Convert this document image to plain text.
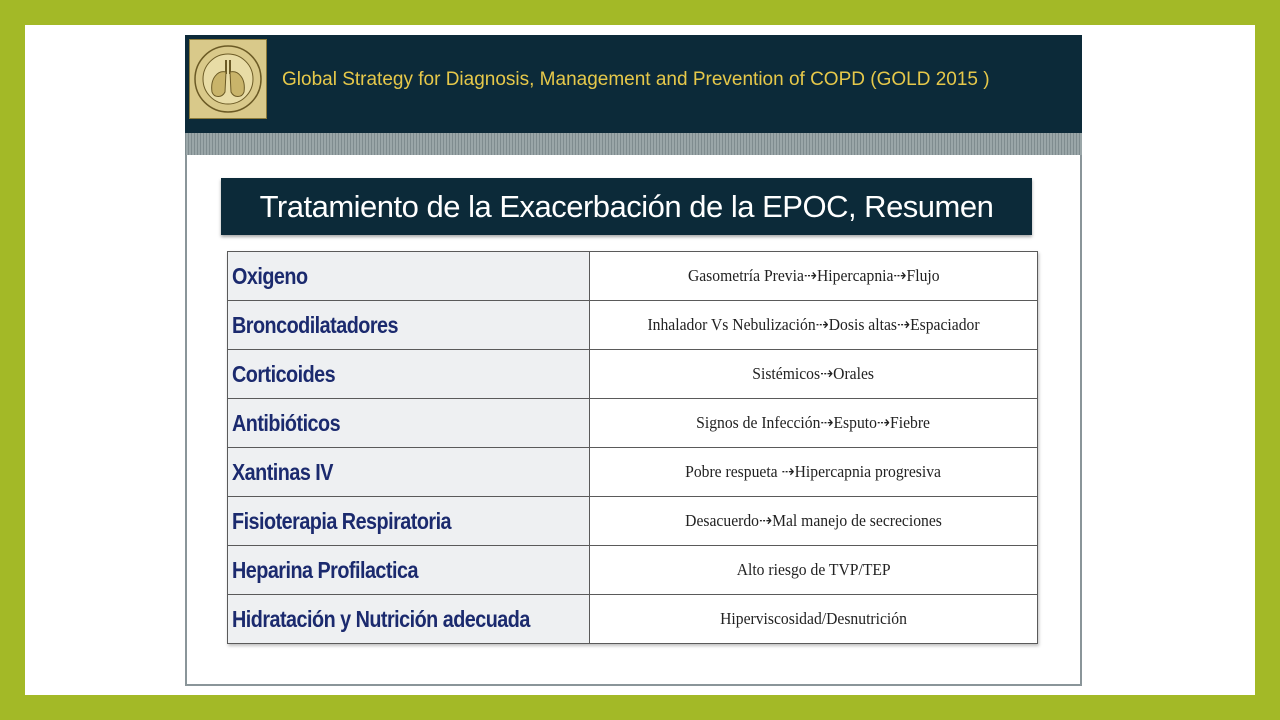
Global Strategy for Diagnosis, Management and Prevention of COPD (GOLD 2015 )
Tratamiento de la Exacerbación de la EPOC, Resumen
Oxigeno	Gasometría Previa⇢Hipercapnia⇢Flujo
Broncodilatadores	Inhalador Vs Nebulización⇢Dosis altas⇢Espaciador
Corticoides	Sistémicos⇢Orales
Antibióticos	Signos de Infección⇢Esputo⇢Fiebre
Xantinas IV	Pobre respueta ⇢Hipercapnia progresiva
Fisioterapia Respiratoria	Desacuerdo⇢Mal manejo de secreciones
Heparina Profilactica	Alto riesgo de TVP/TEP
Hidratación y Nutrición adecuada	Hiperviscosidad/Desnutrición
